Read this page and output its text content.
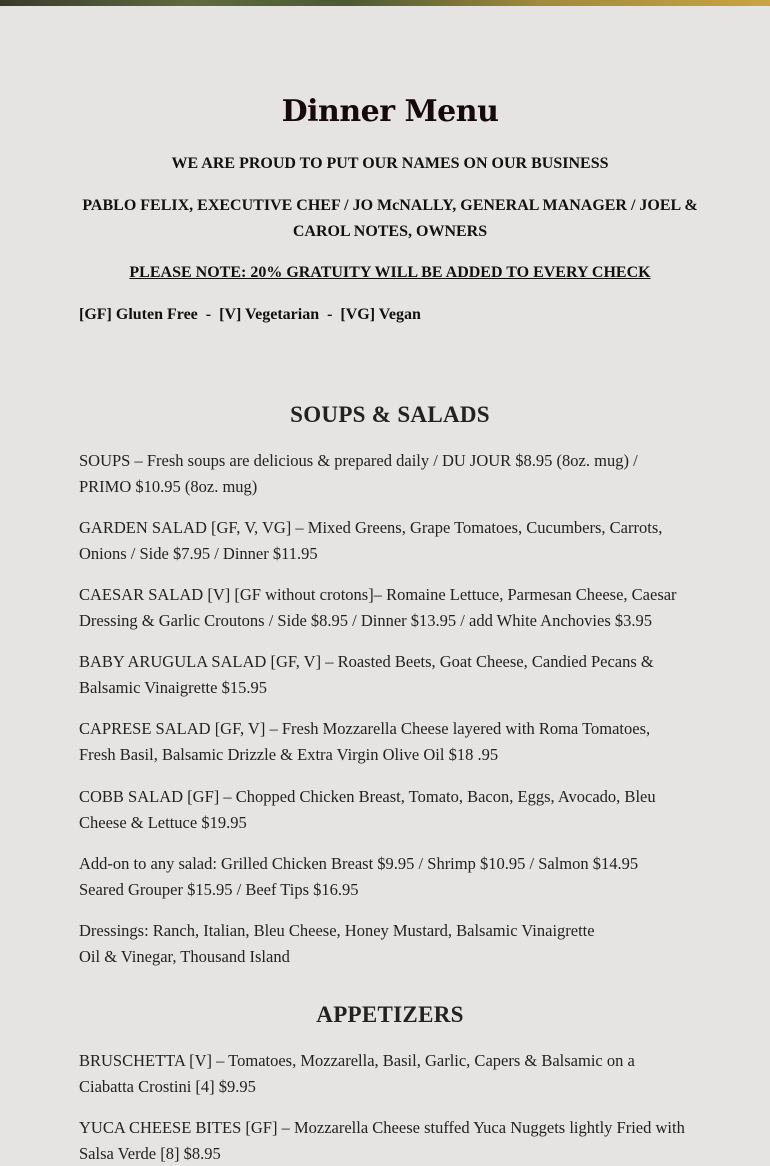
Dinner Menu

WE ARE PROUD TO PUT OUR NAMES ON OUR BUSINESS

PABLO FELIX, EXECUTIVE CHEF / JO McNALLY, GENERAL MANAGER / JOEL & CAROL NOTES, OWNERS

PLEASE NOTE: 20% GRATUITY WILL BE ADDED TO EVERY CHECK

[GF] Gluten Free  -  [V] Vegetarian  -  [VG] Vegan

SOUPS & SALADS

SOUPS – Fresh soups are delicious & prepared daily / DU JOUR $8.95 (8oz. mug) /
PRIMO $10.95 (8oz. mug)

GARDEN SALAD [GF, V, VG] – Mixed Greens, Grape Tomatoes, Cucumbers, Carrots,
Onions / Side $7.95 / Dinner $11.95

CAESAR SALAD [V] [GF without crotons]– Romaine Lettuce, Parmesan Cheese, Caesar
Dressing & Garlic Croutons / Side $8.95 / Dinner $13.95 / add White Anchovies $3.95

BABY ARUGULA SALAD [GF, V] – Roasted Beets, Goat Cheese, Candied Pecans &
Balsamic Vinaigrette $15.95

CAPRESE SALAD [GF, V] – Fresh Mozzarella Cheese layered with Roma Tomatoes,
Fresh Basil, Balsamic Drizzle & Extra Virgin Olive Oil $18 .95

COBB SALAD [GF] – Chopped Chicken Breast, Tomato, Bacon, Eggs, Avocado, Bleu
Cheese & Lettuce $19.95

Add-on to any salad: Grilled Chicken Breast $9.95 / Shrimp $10.95 / Salmon $14.95
Seared Grouper $15.95 / Beef Tips $16.95

Dressings: Ranch, Italian, Bleu Cheese, Honey Mustard, Balsamic Vinaigrette
Oil & Vinegar, Thousand Island

APPETIZERS

BRUSCHETTA [V] – Tomatoes, Mozzarella, Basil, Garlic, Capers & Balsamic on a
Ciabatta Crostini [4] $9.95

YUCA CHEESE BITES [GF] – Mozzarella Cheese stuffed Yuca Nuggets lightly Fried with
Salsa Verde [8] $8.95
